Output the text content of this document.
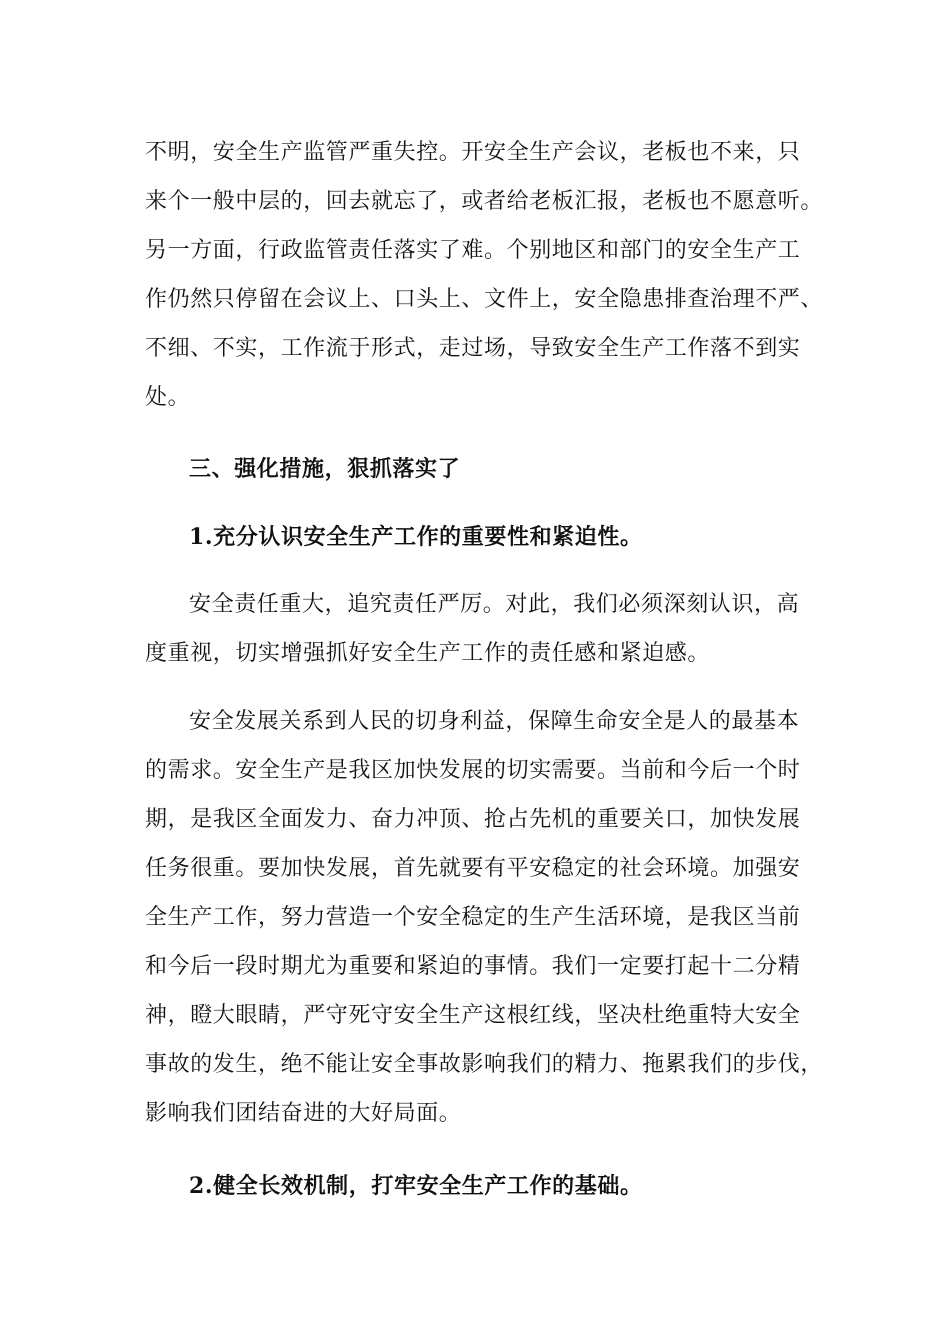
不明，安全生产监管严重失控。开安全生产会议，老板也不来，只
来个一般中层的，回去就忘了，或者给老板汇报，老板也不愿意听。
另一方面，行政监管责任落实了难。个别地区和部门的安全生产工
作仍然只停留在会议上、口头上、文件上，安全隐患排查治理不严、
不细、不实，工作流于形式，走过场，导致安全生产工作落不到实
处。
三、强化措施，狠抓落实了
1.充分认识安全生产工作的重要性和紧迫性。
安全责任重大，追究责任严厉。对此，我们必须深刻认识，高
度重视，切实增强抓好安全生产工作的责任感和紧迫感。
安全发展关系到人民的切身利益，保障生命安全是人的最基本
的需求。安全生产是我区加快发展的切实需要。当前和今后一个时
期，是我区全面发力、奋力冲顶、抢占先机的重要关口，加快发展
任务很重。要加快发展，首先就要有平安稳定的社会环境。加强安
全生产工作，努力营造一个安全稳定的生产生活环境，是我区当前
和今后一段时期尤为重要和紧迫的事情。我们一定要打起十二分精
神，瞪大眼睛，严守死守安全生产这根红线，坚决杜绝重特大安全
事故的发生，绝不能让安全事故影响我们的精力、拖累我们的步伐，
影响我们团结奋进的大好局面。
2.健全长效机制，打牢安全生产工作的基础。
